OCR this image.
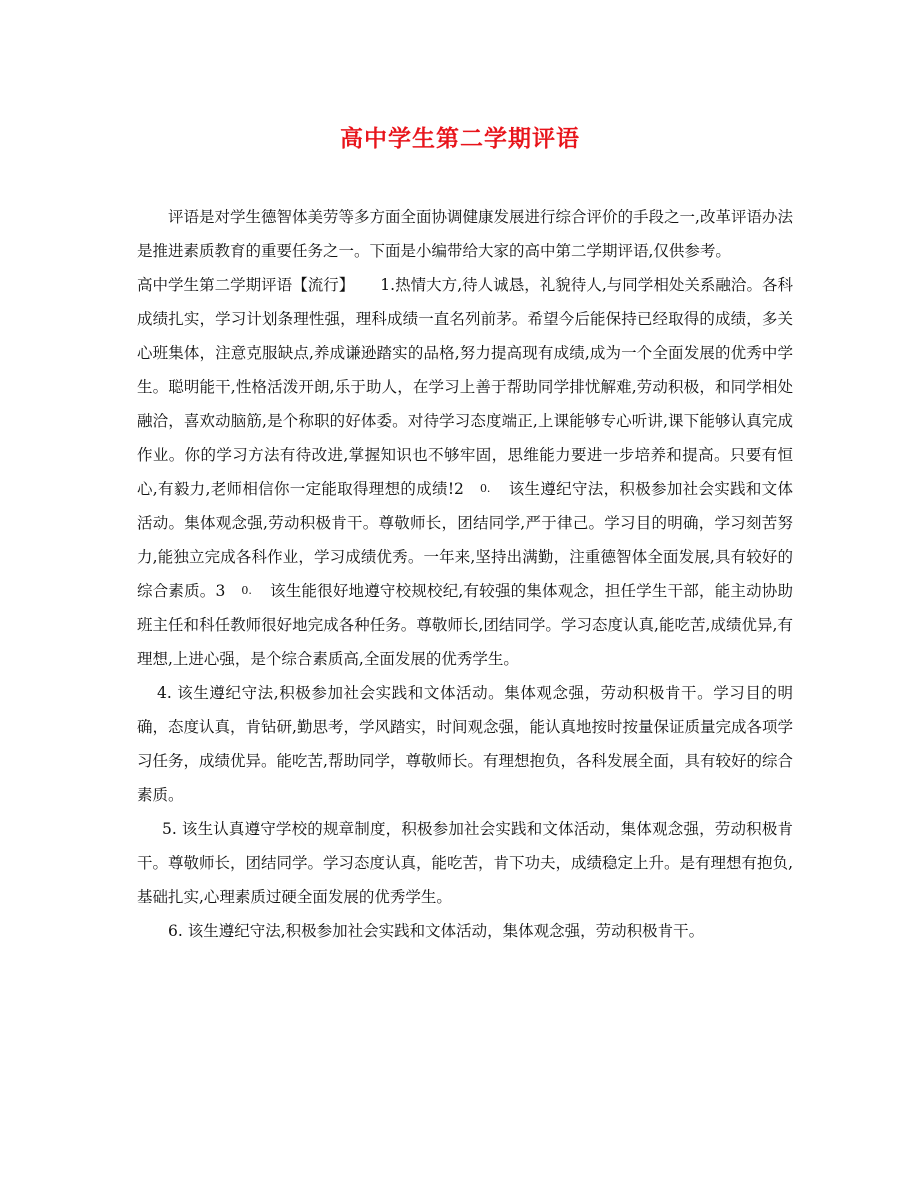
高中学生第二学期评语

评语是对学生德智体美劳等多方面全面协调健康发展进行综合评价的手段之一,改革评语办法是推进素质教育的重要任务之一。下面是小编带给大家的高中第二学期评语,仅供参考。

高中学生第二学期评语【流行】 1.热情大方,待人诚恳，礼貌待人,与同学相处关系融洽。各科成绩扎实，学习计划条理性强，理科成绩一直名列前茅。希望今后能保持已经取得的成绩，多关心班集体，注意克服缺点,养成谦逊踏实的品格,努力提高现有成绩,成为一个全面发展的优秀中学生。聪明能干,性格活泼开朗,乐于助人，在学习上善于帮助同学排忧解难,劳动积极，和同学相处融洽，喜欢动脑筋,是个称职的好体委。对待学习态度端正,上课能够专心听讲,课下能够认真完成作业。你的学习方法有待改进,掌握知识也不够牢固，思维能力要进一步培养和提高。只要有恒心,有毅力,老师相信你一定能取得理想的成绩!2 0. 该生遵纪守法，积极参加社会实践和文体活动。集体观念强,劳动积极肯干。尊敬师长，团结同学,严于律己。学习目的明确，学习刻苦努力,能独立完成各科作业，学习成绩优秀。一年来,坚持出满勤，注重德智体全面发展,具有较好的综合素质。3 0. 该生能很好地遵守校规校纪,有较强的集体观念，担任学生干部，能主动协助班主任和科任教师很好地完成各种任务。尊敬师长,团结同学。学习态度认真,能吃苦,成绩优异,有理想,上进心强，是个综合素质高,全面发展的优秀学生。

4. 该生遵纪守法,积极参加社会实践和文体活动。集体观念强，劳动积极肯干。学习目的明确，态度认真，肯钻研,勤思考，学风踏实，时间观念强，能认真地按时按量保证质量完成各项学习任务，成绩优异。能吃苦,帮助同学，尊敬师长。有理想抱负，各科发展全面，具有较好的综合素质。

5. 该生认真遵守学校的规章制度，积极参加社会实践和文体活动，集体观念强，劳动积极肯干。尊敬师长，团结同学。学习态度认真，能吃苦，肯下功夫，成绩稳定上升。是有理想有抱负,基础扎实,心理素质过硬全面发展的优秀学生。

6. 该生遵纪守法,积极参加社会实践和文体活动，集体观念强，劳动积极肯干。
